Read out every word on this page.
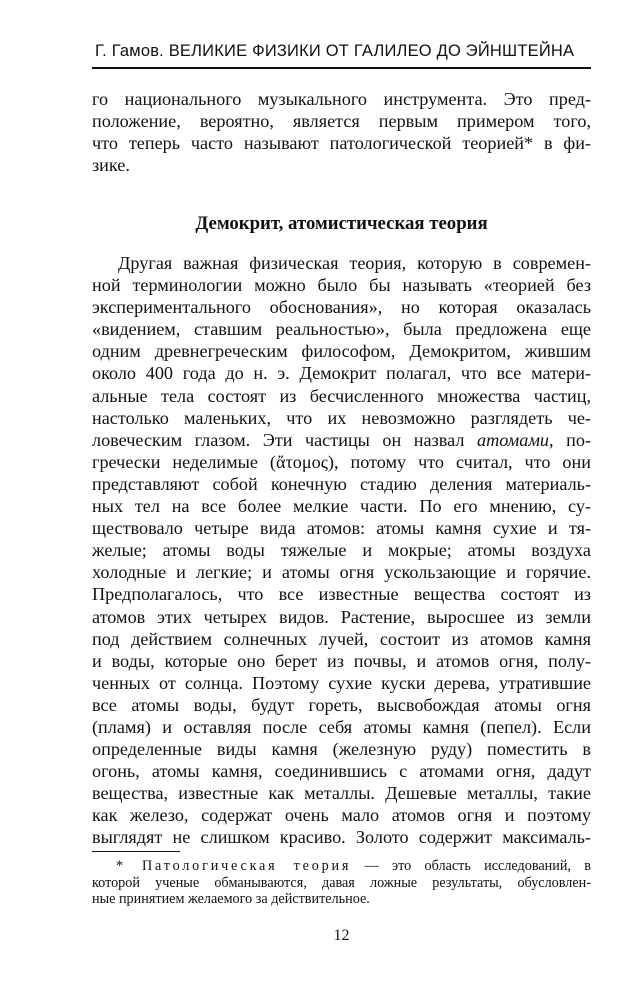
Г. Гамов. ВЕЛИКИЕ ФИЗИКИ ОТ ГАЛИЛЕО ДО ЭЙНШТЕЙНА
го национального музыкального инструмента. Это пред-
положение, вероятно, является первым примером того,
что теперь часто называют патологической теорией* в фи-
зике.
Демокрит, атомистическая теория
Другая важная физическая теория, которую в современ-
ной терминологии можно было бы называть «теорией без
экспериментального обоснования», но которая оказалась
«видением, ставшим реальностью», была предложена еще
одним древнегреческим философом, Демокритом, жившим
около 400 года до н. э. Демокрит полагал, что все матери-
альные тела состоят из бесчисленного множества частиц,
настолько маленьких, что их невозможно разглядеть че-
ловеческим глазом. Эти частицы он назвал атомами, по-
гречески неделимые (ἄτομος), потому что считал, что они
представляют собой конечную стадию деления материаль-
ных тел на все более мелкие части. По его мнению, су-
ществовало четыре вида атомов: атомы камня сухие и тя-
желые; атомы воды тяжелые и мокрые; атомы воздуха
холодные и легкие; и атомы огня ускользающие и горячие.
Предполагалось, что все известные вещества состоят из
атомов этих четырех видов. Растение, выросшее из земли
под действием солнечных лучей, состоит из атомов камня
и воды, которые оно берет из почвы, и атомов огня, полу-
ченных от солнца. Поэтому сухие куски дерева, утратившие
все атомы воды, будут гореть, высвобождая атомы огня
(пламя) и оставляя после себя атомы камня (пепел). Если
определенные виды камня (железную руду) поместить в
огонь, атомы камня, соединившись с атомами огня, дадут
вещества, известные как металлы. Дешевые металлы, такие
как железо, содержат очень мало атомов огня и поэтому
выглядят не слишком красиво. Золото содержит максималь-
* Патологическая теория — это область исследований, в
которой ученые обманываются, давая ложные результаты, обусловлен-
ные принятием желаемого за действительное.
12
